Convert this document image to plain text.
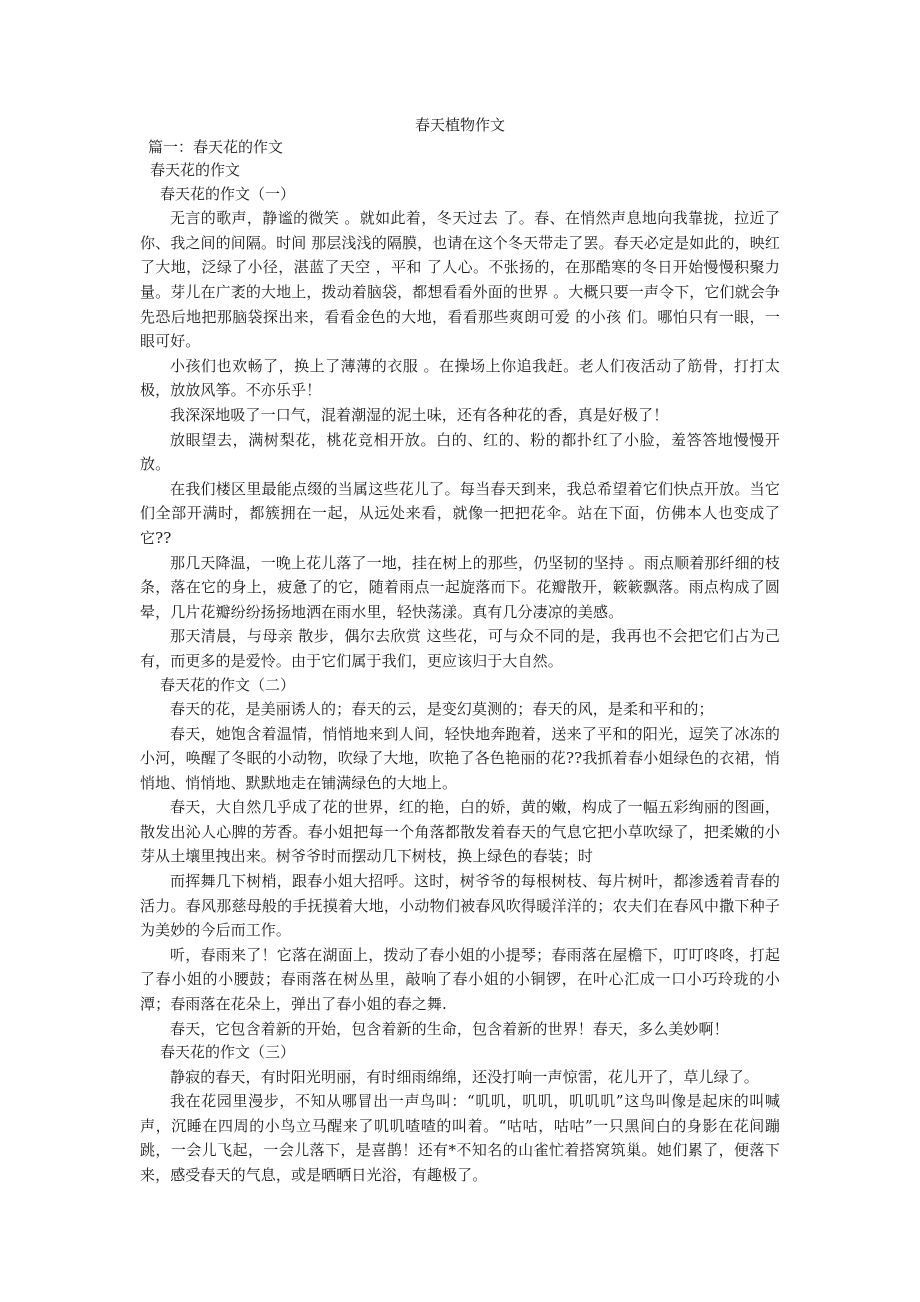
春天植物作文
篇一：春天花的作文
春天花的作文
春天花的作文（一）
无言的歌声，静谧的微笑 。就如此着，冬天过去 了。春、在悄然声息地向我靠拢，拉近了你、我之间的间隔。时间 那层浅浅的隔膜，也请在这个冬天带走了罢。春天必定是如此的，映红了大地，泛绿了小径，湛蓝了天空 ，平和 了人心。不张扬的，在那酷寒的冬日开始慢慢积聚力量。芽儿在广袤的大地上，拨动着脑袋，都想看看外面的世界 。大概只要一声令下，它们就会争先恐后地把那脑袋探出来，看看金色的大地，看看那些爽朗可爱 的小孩 们。哪怕只有一眼，一眼可好。
小孩们也欢畅了，换上了薄薄的衣服 。在操场上你追我赶。老人们夜活动了筋骨，打打太极，放放风筝。不亦乐乎！
我深深地吸了一口气，混着潮湿的泥土味，还有各种花的香，真是好极了！
放眼望去，满树梨花，桃花竞相开放。白的、红的、粉的都扑红了小脸，羞答答地慢慢开放。
在我们楼区里最能点缀的当属这些花儿了。每当春天到来，我总希望着它们快点开放。当它们全部开满时，都簇拥在一起，从远处来看，就像一把把花伞。站在下面，仿佛本人也变成了它??
那几天降温，一晚上花儿落了一地，挂在树上的那些，仍坚韧的坚持 。雨点顺着那纤细的枝条，落在它的身上，疲惫了的它，随着雨点一起旋落而下。花瓣散开，簌簌飘落。雨点构成了圆晕，几片花瓣纷纷扬扬地洒在雨水里，轻快荡漾。真有几分凄凉的美感。
那天清晨，与母亲 散步，偶尔去欣赏 这些花，可与众不同的是，我再也不会把它们占为己有，而更多的是爱怜。由于它们属于我们，更应该归于大自然。
春天花的作文（二）
春天的花，是美丽诱人的；春天的云，是变幻莫测的；春天的风，是柔和平和的；
春天，她饱含着温情，悄悄地来到人间，轻快地奔跑着，送来了平和的阳光，逗笑了冰冻的小河，唤醒了冬眠的小动物，吹绿了大地，吹艳了各色艳丽的花??我抓着春小姐绿色的衣裙，悄悄地、悄悄地、默默地走在铺满绿色的大地上。
春天，大自然几乎成了花的世界，红的艳，白的娇，黄的嫩，构成了一幅五彩绚丽的图画，散发出沁人心脾的芳香。春小姐把每一个角落都散发着春天的气息它把小草吹绿了，把柔嫩的小芽从土壤里拽出来。树爷爷时而摆动几下树枝，换上绿色的春装；时
而挥舞几下树梢，跟春小姐大招呼。这时，树爷爷的每根树枝、每片树叶，都渗透着青春的活力。春风那慈母般的手抚摸着大地，小动物们被春风吹得暖洋洋的；农夫们在春风中撒下种子为美妙的今后而工作。
听，春雨来了！它落在湖面上，拨动了春小姐的小提琴；春雨落在屋檐下，叮叮咚咚，打起了春小姐的小腰鼓；春雨落在树丛里，敲响了春小姐的小铜锣，在叶心汇成一口小巧玲珑的小潭；春雨落在花朵上，弹出了春小姐的春之舞.
春天，它包含着新的开始，包含着新的生命，包含着新的世界！春天，多么美妙啊！
春天花的作文（三）
静寂的春天，有时阳光明丽，有时细雨绵绵，还没打响一声惊雷，花儿开了，草儿绿了。
我在花园里漫步，不知从哪冒出一声鸟叫：“叽叽，叽叽，叽叽叽”这鸟叫像是起床的叫喊声，沉睡在四周的小鸟立马醒来了叽叽喳喳的叫着。“咕咕，咕咕”一只黑间白的身影在花间蹦跳，一会儿飞起，一会儿落下，是喜鹊！还有*不知名的山雀忙着搭窝筑巢。她们累了，便落下来，感受春天的气息，或是晒晒日光浴，有趣极了。
